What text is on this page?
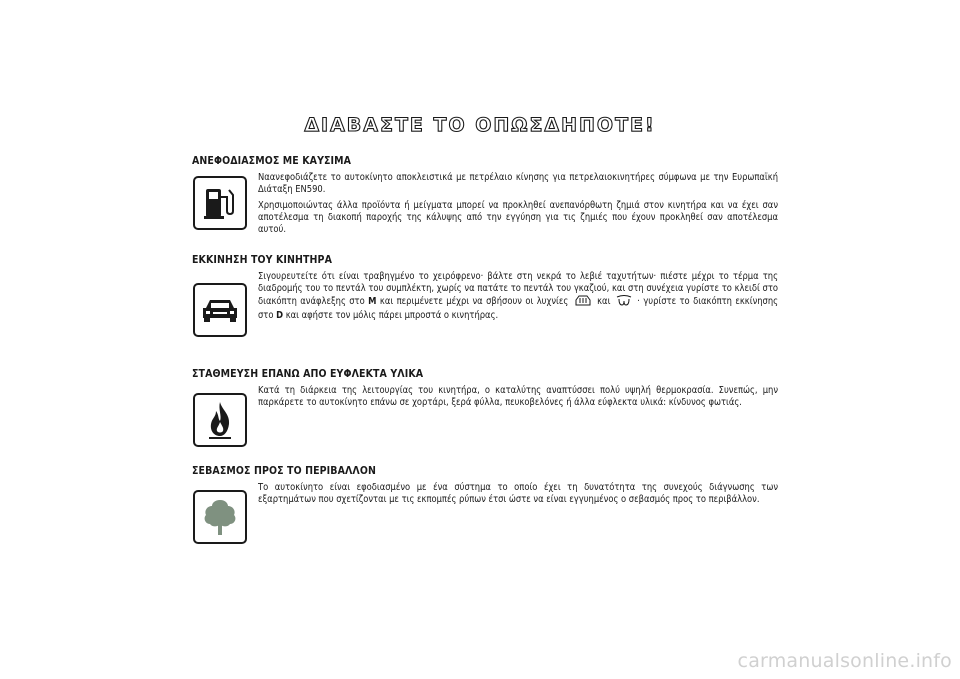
ΔΙΑΒΑΣΤΕ ΤΟ ΟΠΩΣΔΗΠΟΤΕ!
ΑΝΕΦΟΔΙΑΣΜΟΣ ΜΕ ΚΑΥΣΙΜΑ

Ναανεφοδιάζετε το αυτοκίνητο αποκλειστικά με πετρέλαιο κίνησης για πετρελαιοκινητήρες σύμφωνα με την Ευρωπαϊκή Διάταξη EN590.

Χρησιμοποιώντας άλλα προϊόντα ή μείγματα μπορεί να προκληθεί ανεπανόρθωτη ζημιά στον κινητήρα και να έχει σαν αποτέλεσμα τη διακοπή παροχής της κάλυψης από την εγγύηση για τις ζημιές που έχουν προκληθεί σαν αποτέλεσμα αυτού.

ΕΚΚΙΝΗΣΗ ΤΟΥ ΚΙΝΗΤΗΡΑ

Σιγουρευτείτε ότι είναι τραβηγμένο το χειρόφρενο· βάλτε στη νεκρά το λεβιέ ταχυτήτων· πιέστε μέχρι το τέρμα της διαδρομής του το πεντάλ του συμπλέκτη, χωρίς να πατάτε το πεντάλ του γκαζιού, και στη συνέχεια γυρίστε το κλειδί στο διακόπτη ανάφλεξης στο M και περιμένετε μέχρι να σβήσουν οι λυχνίες	και	· γυρίστε το διακόπτη εκκίνησης στο D και αφήστε τον μόλις πάρει μπροστά ο κινητήρας.

ΣΤΑΘΜΕΥΣΗ ΕΠΑΝΩ ΑΠΟ ΕΥΦΛΕΚΤΑ ΥΛΙΚΑ

Κατά τη διάρκεια της λειτουργίας του κινητήρα, ο καταλύτης αναπτύσσει πολύ υψηλή θερμοκρασία. Συνεπώς, μην παρκάρετε το αυτοκίνητο επάνω σε χορτάρι, ξερά φύλλα, πευκοβελόνες ή άλλα εύφλεκτα υλικά: κίνδυνος φωτιάς.

ΣΕΒΑΣΜΟΣ ΠΡΟΣ ΤΟ ΠΕΡΙΒΑΛΛΟΝ

Το αυτοκίνητο είναι εφοδιασμένο με ένα σύστημα το οποίο έχει τη δυνατότητα της συνεχούς διάγνωσης των εξαρτημάτων που σχετίζονται με τις εκπομπές ρύπων έτσι ώστε να είναι εγγυημένος ο σεβασμός προς το περιβάλλον.

carmanualsonline.info
